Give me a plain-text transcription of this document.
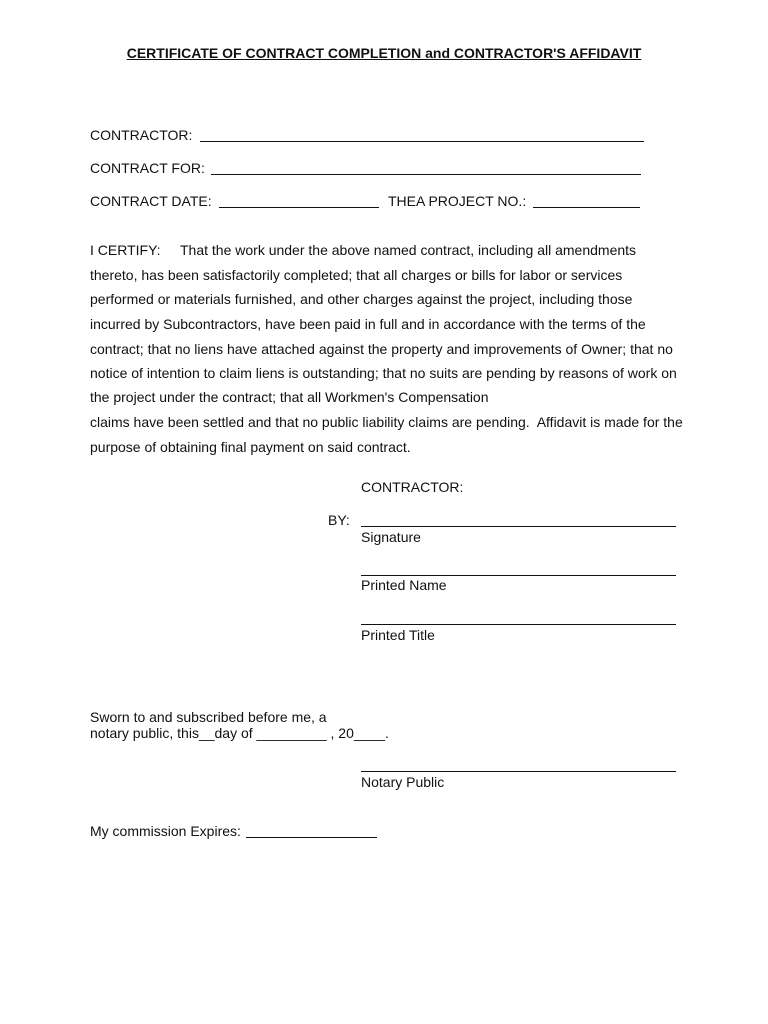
CERTIFICATE OF CONTRACT COMPLETION and CONTRACTOR'S AFFIDAVIT
CONTRACTOR:
CONTRACT FOR:
CONTRACT DATE:	THEA PROJECT NO.:
I CERTIFY: That the work under the above named contract, including all amendments
thereto, has been satisfactorily completed; that all charges or bills for labor or services
performed or materials furnished, and other charges against the project, including those
incurred by Subcontractors, have been paid in full and in accordance with the terms of the
contract; that no liens have attached against the property and improvements of Owner; that no
notice of intention to claim liens is outstanding; that no suits are pending by reasons of work on
the project under the contract; that all Workmen's Compensation
claims have been settled and that no public liability claims are pending.  Affidavit is made for the
purpose of obtaining final payment on said contract.
CONTRACTOR:
BY:
Signature
Printed Name
Printed Title
Sworn to and subscribed before me, a
notary public, this__day of _________ , 20____.
Notary Public
My commission Expires:
